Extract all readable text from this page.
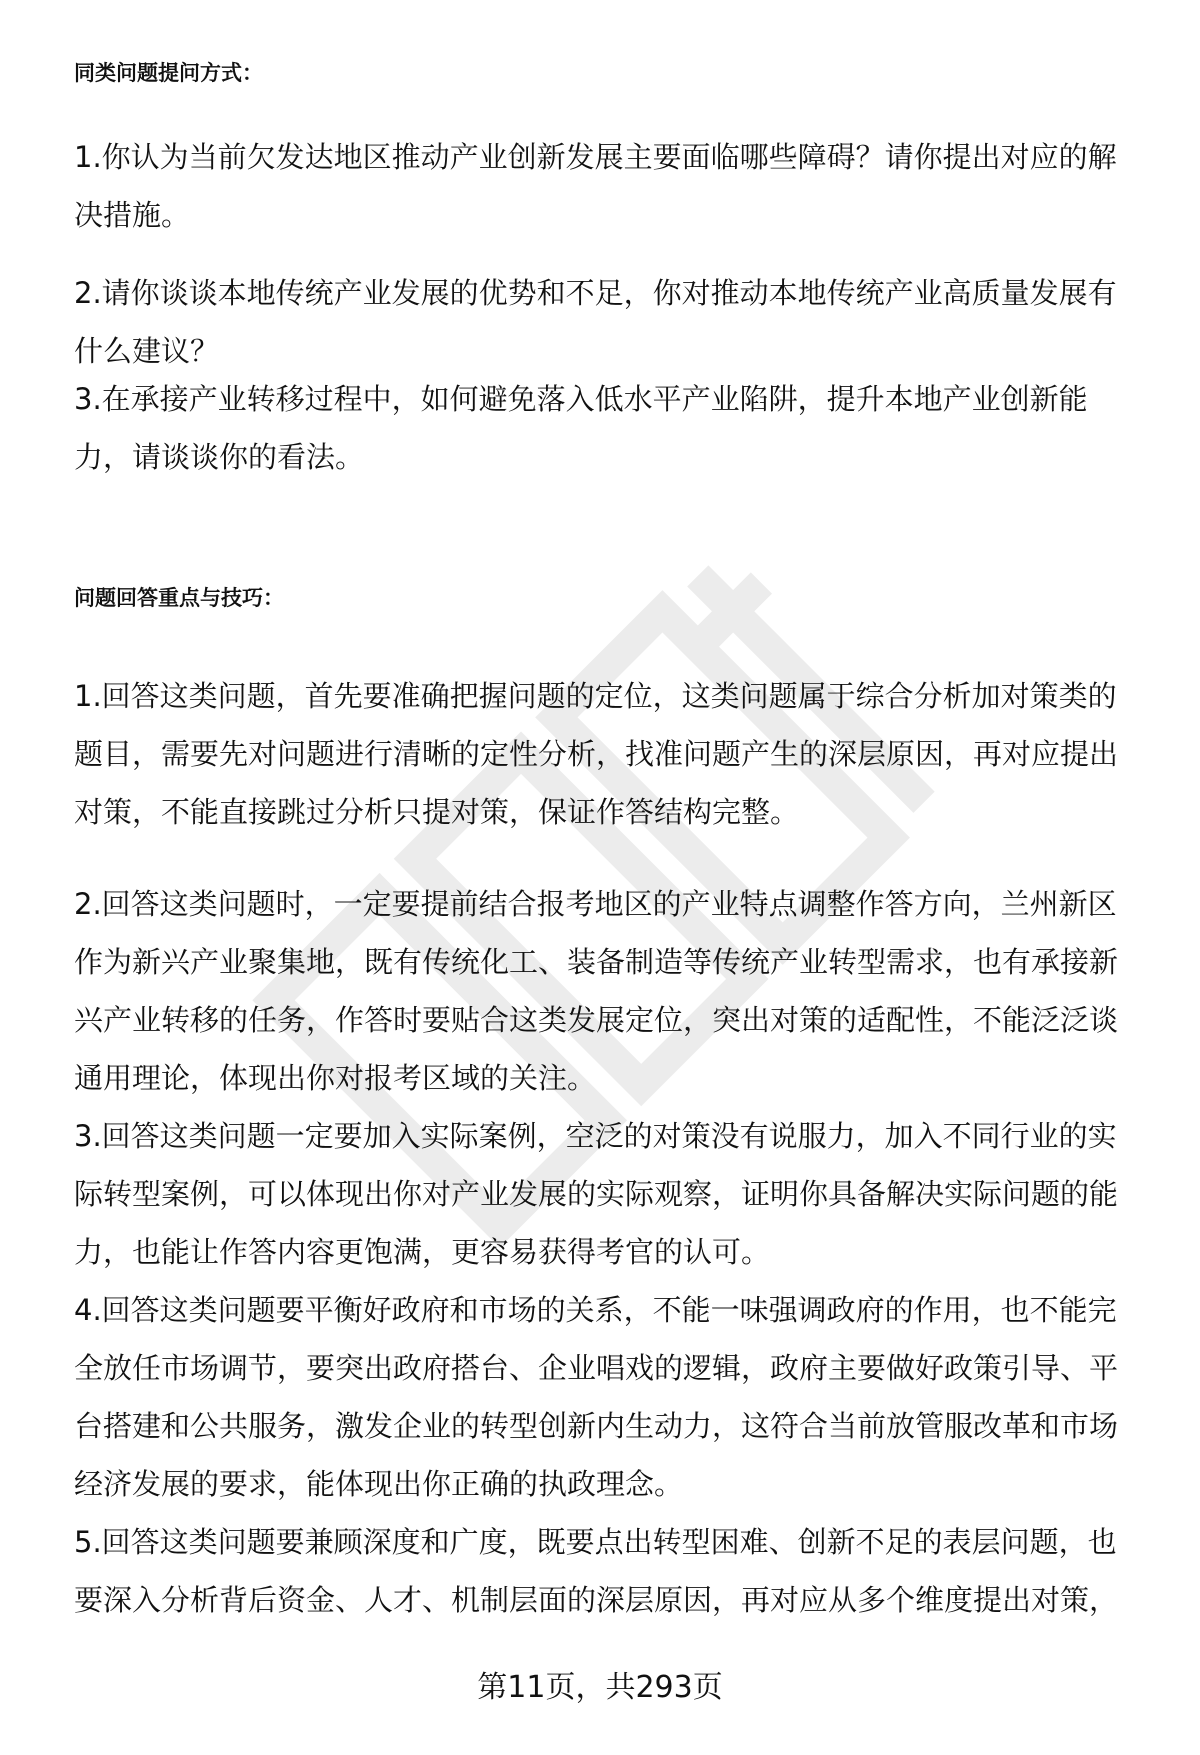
同类问题提问方式：

1.你认为当前欠发达地区推动产业创新发展主要面临哪些障碍？请你提出对应的解
决措施。

2.请你谈谈本地传统产业发展的优势和不足，你对推动本地传统产业高质量发展有
什么建议？

3.在承接产业转移过程中，如何避免落入低水平产业陷阱，提升本地产业创新能
力，请谈谈你的看法。

问题回答重点与技巧：

1.回答这类问题，首先要准确把握问题的定位，这类问题属于综合分析加对策类的
题目，需要先对问题进行清晰的定性分析，找准问题产生的深层原因，再对应提出
对策，不能直接跳过分析只提对策，保证作答结构完整。

2.回答这类问题时，一定要提前结合报考地区的产业特点调整作答方向，兰州新区
作为新兴产业聚集地，既有传统化工、装备制造等传统产业转型需求，也有承接新
兴产业转移的任务，作答时要贴合这类发展定位，突出对策的适配性，不能泛泛谈
通用理论，体现出你对报考区域的关注。

3.回答这类问题一定要加入实际案例，空泛的对策没有说服力，加入不同行业的实
际转型案例，可以体现出你对产业发展的实际观察，证明你具备解决实际问题的能
力，也能让作答内容更饱满，更容易获得考官的认可。

4.回答这类问题要平衡好政府和市场的关系，不能一味强调政府的作用，也不能完
全放任市场调节，要突出政府搭台、企业唱戏的逻辑，政府主要做好政策引导、平
台搭建和公共服务，激发企业的转型创新内生动力，这符合当前放管服改革和市场
经济发展的要求，能体现出你正确的执政理念。

5.回答这类问题要兼顾深度和广度，既要点出转型困难、创新不足的表层问题，也
要深入分析背后资金、人才、机制层面的深层原因，再对应从多个维度提出对策，

第11页，共293页
